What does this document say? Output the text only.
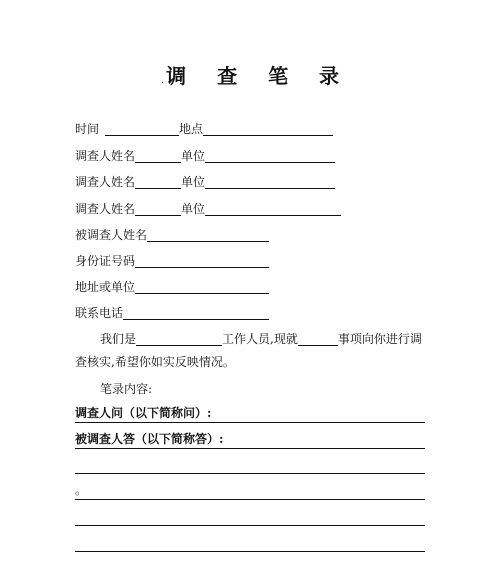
. 调 查 笔 录
时间	地点
调查人姓名	单位
调查人姓名	单位
调查人姓名	单位
被调查人姓名
身份证号码
地址或单位
联系电话
我们是	工作人员,现就	事项向你进行调
查核实,希望你如实反映情况。
笔录内容:
调查人问（以下简称问）:
被调查人答（以下简称答）:
。
